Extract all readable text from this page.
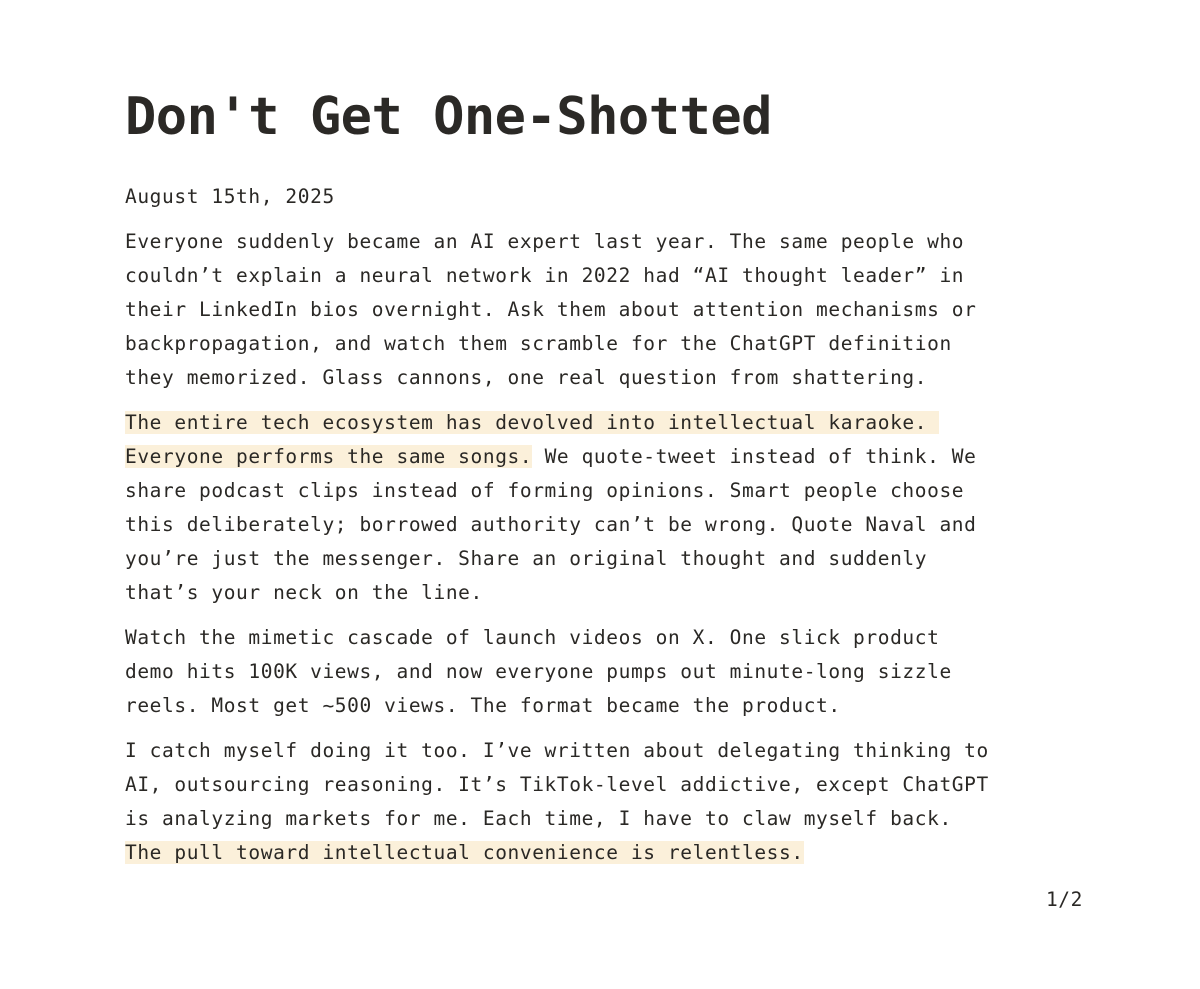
Don't Get One-Shotted
August 15th, 2025

Everyone suddenly became an AI expert last year. The same people who
couldn’t explain a neural network in 2022 had “AI thought leader” in
their LinkedIn bios overnight. Ask them about attention mechanisms or
backpropagation, and watch them scramble for the ChatGPT definition
they memorized. Glass cannons, one real question from shattering.

The entire tech ecosystem has devolved into intellectual karaoke.
Everyone performs the same songs. We quote-tweet instead of think. We
share podcast clips instead of forming opinions. Smart people choose
this deliberately; borrowed authority can’t be wrong. Quote Naval and
you’re just the messenger. Share an original thought and suddenly
that’s your neck on the line.

Watch the mimetic cascade of launch videos on X. One slick product
demo hits 100K views, and now everyone pumps out minute-long sizzle
reels. Most get ~500 views. The format became the product.

I catch myself doing it too. I’ve written about delegating thinking to
AI, outsourcing reasoning. It’s TikTok-level addictive, except ChatGPT
is analyzing markets for me. Each time, I have to claw myself back.
The pull toward intellectual convenience is relentless.

1/2
